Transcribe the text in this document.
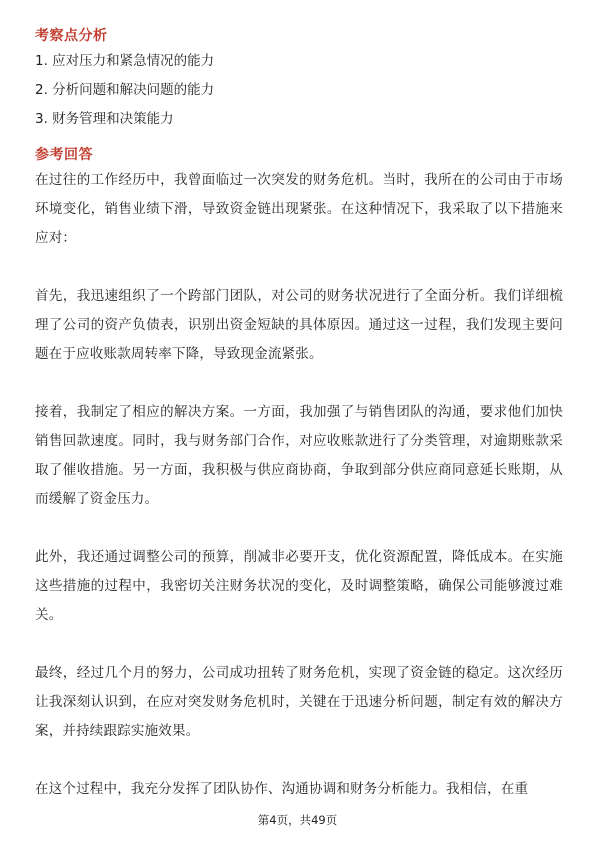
考察点分析
1. 应对压力和紧急情况的能力
2. 分析问题和解决问题的能力
3. 财务管理和决策能力
参考回答
在过往的工作经历中，我曾面临过一次突发的财务危机。当时，我所在的公司由于市场环境变化，销售业绩下滑，导致资金链出现紧张。在这种情况下，我采取了以下措施来应对：
首先，我迅速组织了一个跨部门团队，对公司的财务状况进行了全面分析。我们详细梳理了公司的资产负债表，识别出资金短缺的具体原因。通过这一过程，我们发现主要问题在于应收账款周转率下降，导致现金流紧张。
接着，我制定了相应的解决方案。一方面，我加强了与销售团队的沟通，要求他们加快销售回款速度。同时，我与财务部门合作，对应收账款进行了分类管理，对逾期账款采取了催收措施。另一方面，我积极与供应商协商，争取到部分供应商同意延长账期，从而缓解了资金压力。
此外，我还通过调整公司的预算，削减非必要开支，优化资源配置，降低成本。在实施这些措施的过程中，我密切关注财务状况的变化，及时调整策略，确保公司能够渡过难关。
最终，经过几个月的努力，公司成功扭转了财务危机，实现了资金链的稳定。这次经历让我深刻认识到，在应对突发财务危机时，关键在于迅速分析问题，制定有效的解决方案，并持续跟踪实施效果。
在这个过程中，我充分发挥了团队协作、沟通协调和财务分析能力。我相信，在重
第4页，共49页
